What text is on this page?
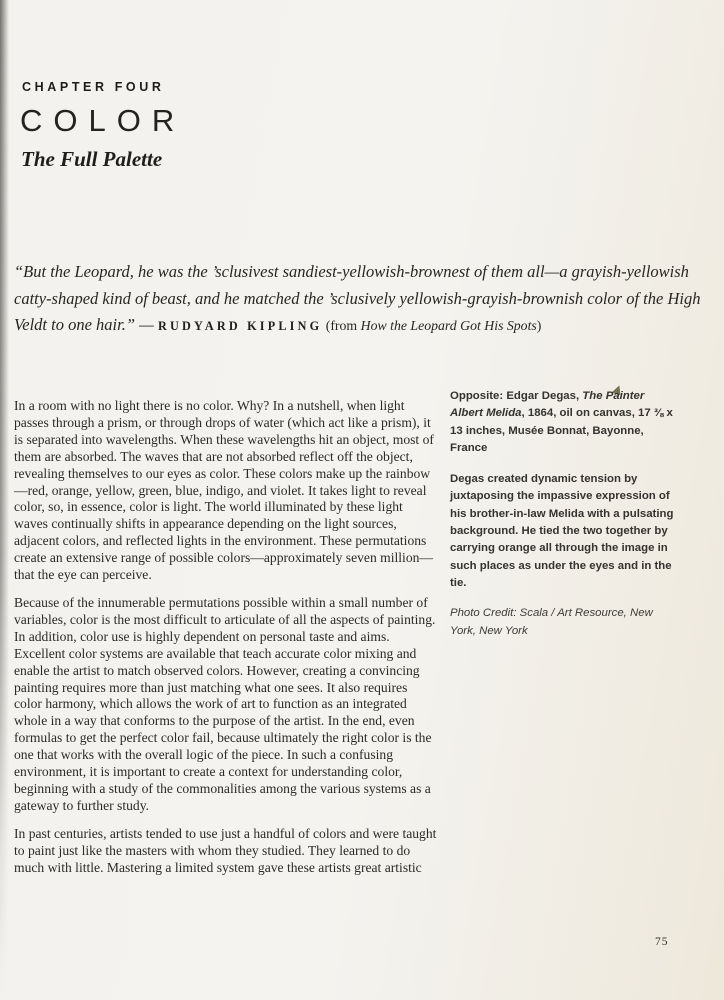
CHAPTER FOUR
COLOR
The Full Palette
“But the Leopard, he was the ’sclusivest sandiest-yellowish-brownest of them all—a grayish-yellowish catty-shaped kind of beast, and he matched the ’sclusively yellowish-grayish-brownish color of the High Veldt to one hair.” — RUDYARD KIPLING (from How the Leopard Got His Spots)

In a room with no light there is no color. Why? In a nutshell, when light passes through a prism, or through drops of water (which act like a prism), it is separated into wavelengths. When these wavelengths hit an object, most of them are absorbed. The waves that are not absorbed reflect off the object, revealing themselves to our eyes as color. These colors make up the rainbow—red, orange, yellow, green, blue, indigo, and violet. It takes light to reveal color, so, in essence, color is light. The world illuminated by these light waves continually shifts in appearance depending on the light sources, adjacent colors, and reflected lights in the environment. These permutations create an extensive range of possible colors—approximately seven million—that the eye can perceive.

Because of the innumerable permutations possible within a small number of variables, color is the most difficult to articulate of all the aspects of painting. In addition, color use is highly dependent on personal taste and aims. Excellent color systems are available that teach accurate color mixing and enable the artist to match observed colors. However, creating a convincing painting requires more than just matching what one sees. It also requires color harmony, which allows the work of art to function as an integrated whole in a way that conforms to the purpose of the artist. In the end, even formulas to get the perfect color fail, because ultimately the right color is the one that works with the overall logic of the piece. In such a confusing environment, it is important to create a context for understanding color, beginning with a study of the commonalities among the various systems as a gateway to further study.

In past centuries, artists tended to use just a handful of colors and were taught to paint just like the masters with whom they studied. They learned to do much with little. Mastering a limited system gave these artists great artistic

Opposite: Edgar Degas, The Painter Albert Melida, 1864, oil on canvas, 17 ⅜ x 13 inches, Musée Bonnat, Bayonne, France

Degas created dynamic tension by juxtaposing the impassive expression of his brother-in-law Melida with a pulsating background. He tied the two together by carrying orange all through the image in such places as under the eyes and in the tie.

Photo Credit: Scala / Art Resource, New York, New York

75
